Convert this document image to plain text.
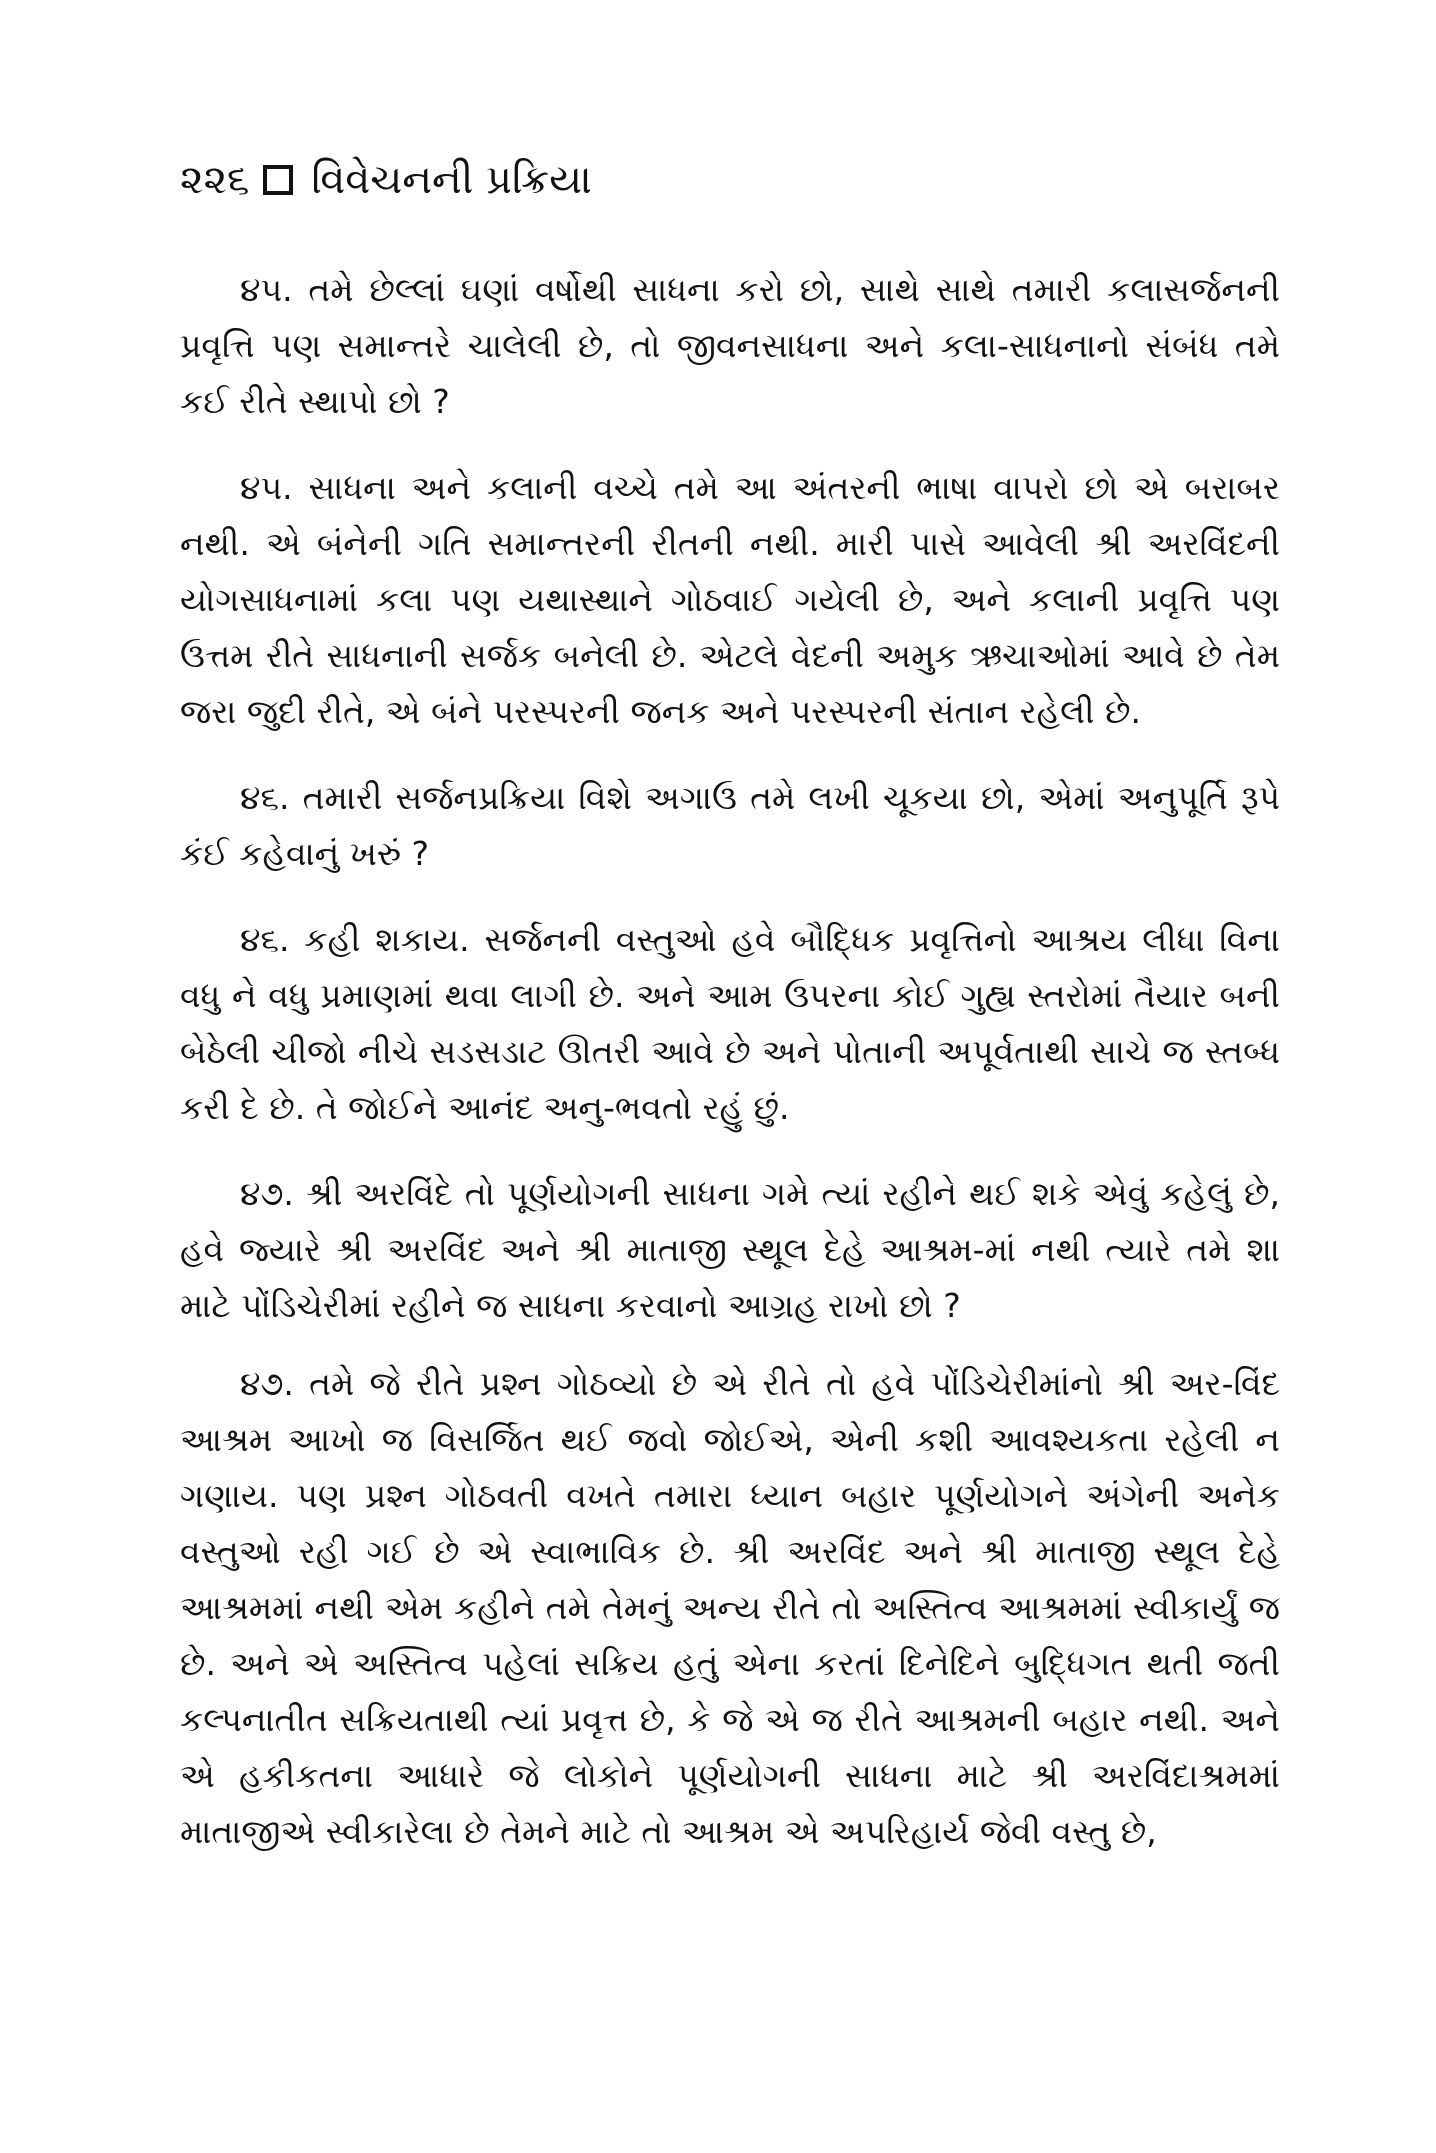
૨૨૬ વિવેચનની પ્રક્રિયા

૪૫. તમે છેલ્લાં ઘણાં વર્ષોથી સાધના કરો છો, સાથે સાથે તમારી કલાસર્જનની પ્રવૃત્તિ પણ સમાન્તરે ચાલેલી છે, તો જીવનસાધના અને કલા-સાધનાનો સંબંધ તમે કઈ રીતે સ્થાપો છો ?

૪૫. સાધના અને કલાની વચ્ચે તમે આ અંતરની ભાષા વાપરો છો એ બરાબર નથી. એ બંનેની ગતિ સમાન્તરની રીતની નથી. મારી પાસે આવેલી શ્રી અરવિંદની યોગસાધનામાં કલા પણ યથાસ્થાને ગોઠવાઈ ગયેલી છે, અને કલાની પ્રવૃત્તિ પણ ઉત્તમ રીતે સાધનાની સર્જક બનેલી છે. એટલે વેદની અમુક ઋચાઓમાં આવે છે તેમ જરા જુદી રીતે, એ બંને પરસ્પરની જનક અને પરસ્પરની સંતાન રહેલી છે.

૪૬. તમારી સર્જનપ્રક્રિયા વિશે અગાઉ તમે લખી ચૂકયા છો, એમાં અનુપૂર્તિ રૂપે કંઈ કહેવાનું ખરું ?

૪૬. કહી શકાય. સર્જનની વસ્તુઓ હવે બૌદ્ધિક પ્રવૃત્તિનો આશ્રય લીધા વિના વધુ ને વધુ પ્રમાણમાં થવા લાગી છે. અને આમ ઉપરના કોઈ ગુહ્ય સ્તરોમાં તૈયાર બની બેઠેલી ચીજો નીચે સડસડાટ ઊતરી આવે છે અને પોતાની અપૂર્વતાથી સાચે જ સ્તબ્ધ કરી દે છે. તે જોઈને આનંદ અનુ-ભવતો રહું છું.

૪૭. શ્રી અરવિંદે તો પૂર્ણયોગની સાધના ગમે ત્યાં રહીને થઈ શકે એવું કહેલું છે, હવે જ્યારે શ્રી અરવિંદ અને શ્રી માતાજી સ્થૂલ દેહે આશ્રમ-માં નથી ત્યારે તમે શા માટે પોંડિચેરીમાં રહીને જ સાધના કરવાનો આગ્રહ રાખો છો ?

૪૭. તમે જે રીતે પ્રશ્ન ગોઠવ્યો છે એ રીતે તો હવે પોંડિચેરીમાંનો શ્રી અર-વિંદ આશ્રમ આખો જ વિસર્જિત થઈ જવો જોઈએ, એની કશી આવશ્યકતા રહેલી ન ગણાય. પણ પ્રશ્ન ગોઠવતી વખતે તમારા ધ્યાન બહાર પૂર્ણયોગને અંગેની અનેક વસ્તુઓ રહી ગઈ છે એ સ્વાભાવિક છે. શ્રી અરવિંદ અને શ્રી માતાજી સ્થૂલ દેહે આશ્રમમાં નથી એમ કહીને તમે તેમનું અન્ય રીતે તો અસ્તિત્વ આશ્રમમાં સ્વીકાર્યું જ છે. અને એ અસ્તિત્વ પહેલાં સક્રિય હતું એના કરતાં દિનેદિને બુદ્ધિગત થતી જતી કલ્પનાતીત સક્રિયતાથી ત્યાં પ્રવૃત્ત છે, કે જે એ જ રીતે આશ્રમની બહાર નથી. અને એ હકીકતના આધારે જે લોકોને પૂર્ણયોગની સાધના માટે શ્રી અરવિંદાશ્રમમાં માતાજીએ સ્વીકારેલા છે તેમને માટે તો આશ્રમ એ અપરિહાર્ય જેવી વસ્તુ છે,
